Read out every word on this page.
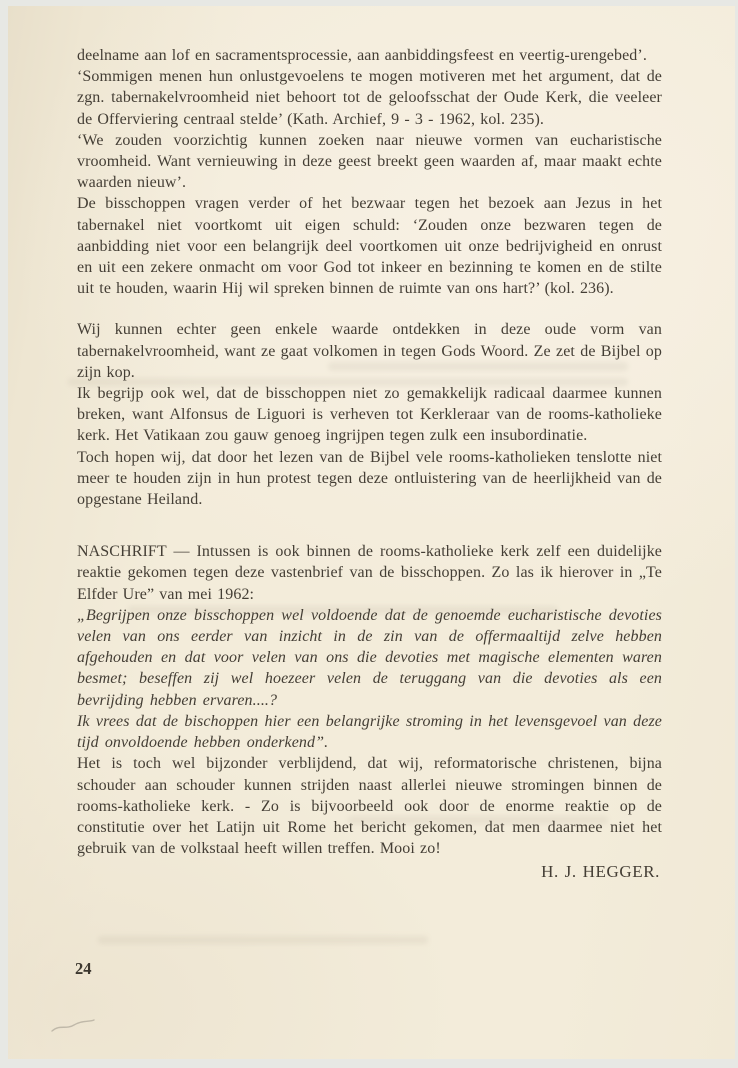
deelname aan lof en sacramentsprocessie, aan aanbiddingsfeest en veertig-urengebed’.

‘Sommigen menen hun onlustgevoelens te mogen motiveren met het argument, dat de zgn. tabernakelvroomheid niet behoort tot de geloofsschat der Oude Kerk, die veeleer de Offerviering centraal stelde’ (Kath. Archief, 9 - 3 - 1962, kol. 235).

‘We zouden voorzichtig kunnen zoeken naar nieuwe vormen van eucharistische vroomheid. Want vernieuwing in deze geest breekt geen waarden af, maar maakt echte waarden nieuw’.

De bisschoppen vragen verder of het bezwaar tegen het bezoek aan Jezus in het tabernakel niet voortkomt uit eigen schuld: ‘Zouden onze bezwaren tegen de aanbidding niet voor een belangrijk deel voortkomen uit onze bedrijvigheid en onrust en uit een zekere onmacht om voor God tot inkeer en bezinning te komen en de stilte uit te houden, waarin Hij wil spreken binnen de ruimte van ons hart?’ (kol. 236).

Wij kunnen echter geen enkele waarde ontdekken in deze oude vorm van tabernakelvroomheid, want ze gaat volkomen in tegen Gods Woord. Ze zet de Bijbel op zijn kop.

Ik begrijp ook wel, dat de bisschoppen niet zo gemakkelijk radicaal daarmee kunnen breken, want Alfonsus de Liguori is verheven tot Kerkleraar van de rooms-katholieke kerk. Het Vatikaan zou gauw genoeg ingrijpen tegen zulk een insubordinatie.

Toch hopen wij, dat door het lezen van de Bijbel vele rooms-katholieken tenslotte niet meer te houden zijn in hun protest tegen deze ontluistering van de heerlijkheid van de opgestane Heiland.

NASCHRIFT — Intussen is ook binnen de rooms-katholieke kerk zelf een duidelijke reaktie gekomen tegen deze vastenbrief van de bisschoppen. Zo las ik hierover in „Te Elfder Ure” van mei 1962:

„Begrijpen onze bisschoppen wel voldoende dat de genoemde eucharistische devoties velen van ons eerder van inzicht in de zin van de offermaaltijd zelve hebben afgehouden en dat voor velen van ons die devoties met magische elementen waren besmet; beseffen zij wel hoezeer velen de teruggang van die devoties als een bevrijding hebben ervaren....?

Ik vrees dat de bischoppen hier een belangrijke stroming in het levensgevoel van deze tijd onvoldoende hebben onderkend”.

Het is toch wel bijzonder verblijdend, dat wij, reformatorische christenen, bijna schouder aan schouder kunnen strijden naast allerlei nieuwe stromingen binnen de rooms-katholieke kerk. - Zo is bijvoorbeeld ook door de enorme reaktie op de constitutie over het Latijn uit Rome het bericht gekomen, dat men daarmee niet het gebruik van de volkstaal heeft willen treffen. Mooi zo!

H. J. HEGGER.
24
